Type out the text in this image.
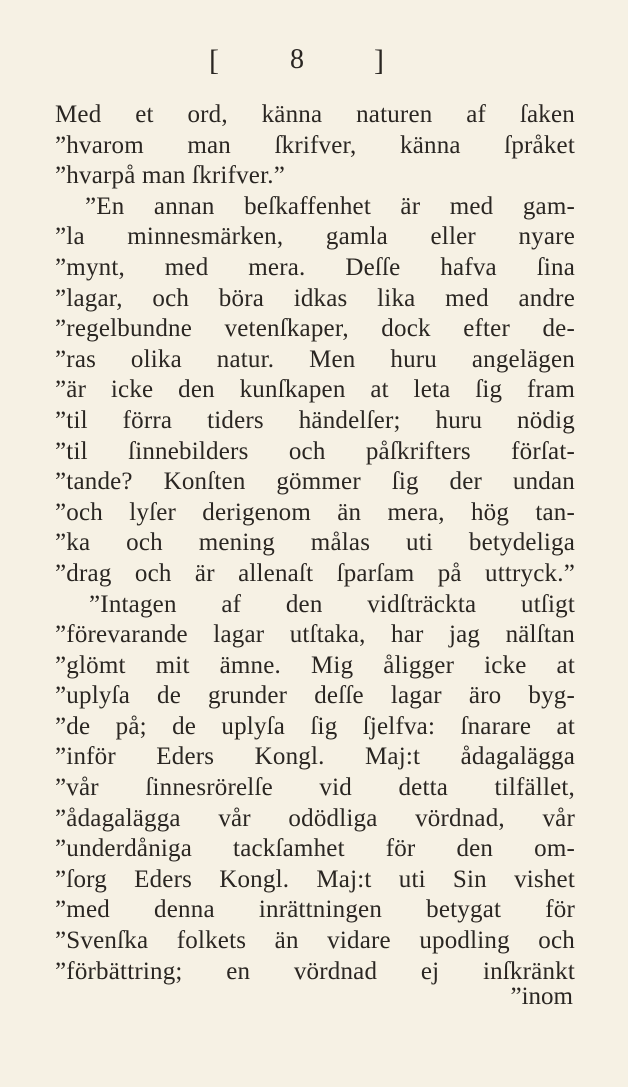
[	8 ]
Med et ord, känna naturen af ſaken
”hvarom man ſkrifver, känna ſpråket
”hvarpå man ſkrifver.”
”En annan beſkaffenhet är med gam-
”la minnesmärken, gamla eller nyare
”mynt, med mera. Deſſe hafva ſina
”lagar, och böra idkas lika med andre
”regelbundne vetenſkaper, dock efter de-
”ras olika natur. Men huru angelägen
”är icke den kunſkapen at leta ſig fram
”til förra tiders händelſer; huru nödig
”til ſinnebilders och påſkrifters förſat-
”tande? Konſten gömmer ſig der undan
”och lyſer derigenom än mera, hög tan-
”ka och mening målas uti betydeliga
”drag och är allenaſt ſparſam på uttryck.”
”Intagen af den vidſträckta utſigt
”förevarande lagar utſtaka, har jag nälſtan
”glömt mit ämne. Mig åligger icke at
”uplyſa de grunder deſſe lagar äro byg-
”de på; de uplyſa ſig ſjelfva: ſnarare at
”inför Eders Kongl. Maj:t ådagalägga
”vår ſinnesrörelſe vid detta tilfället,
”ådagalägga vår odödliga vördnad, vår
”underdåniga tackſamhet för den om-
”ſorg Eders Kongl. Maj:t uti Sin vishet
”med denna inrättningen betygat för
”Svenſka folkets än vidare upodling och
”förbättring; en vördnad ej inſkränkt
”inom
